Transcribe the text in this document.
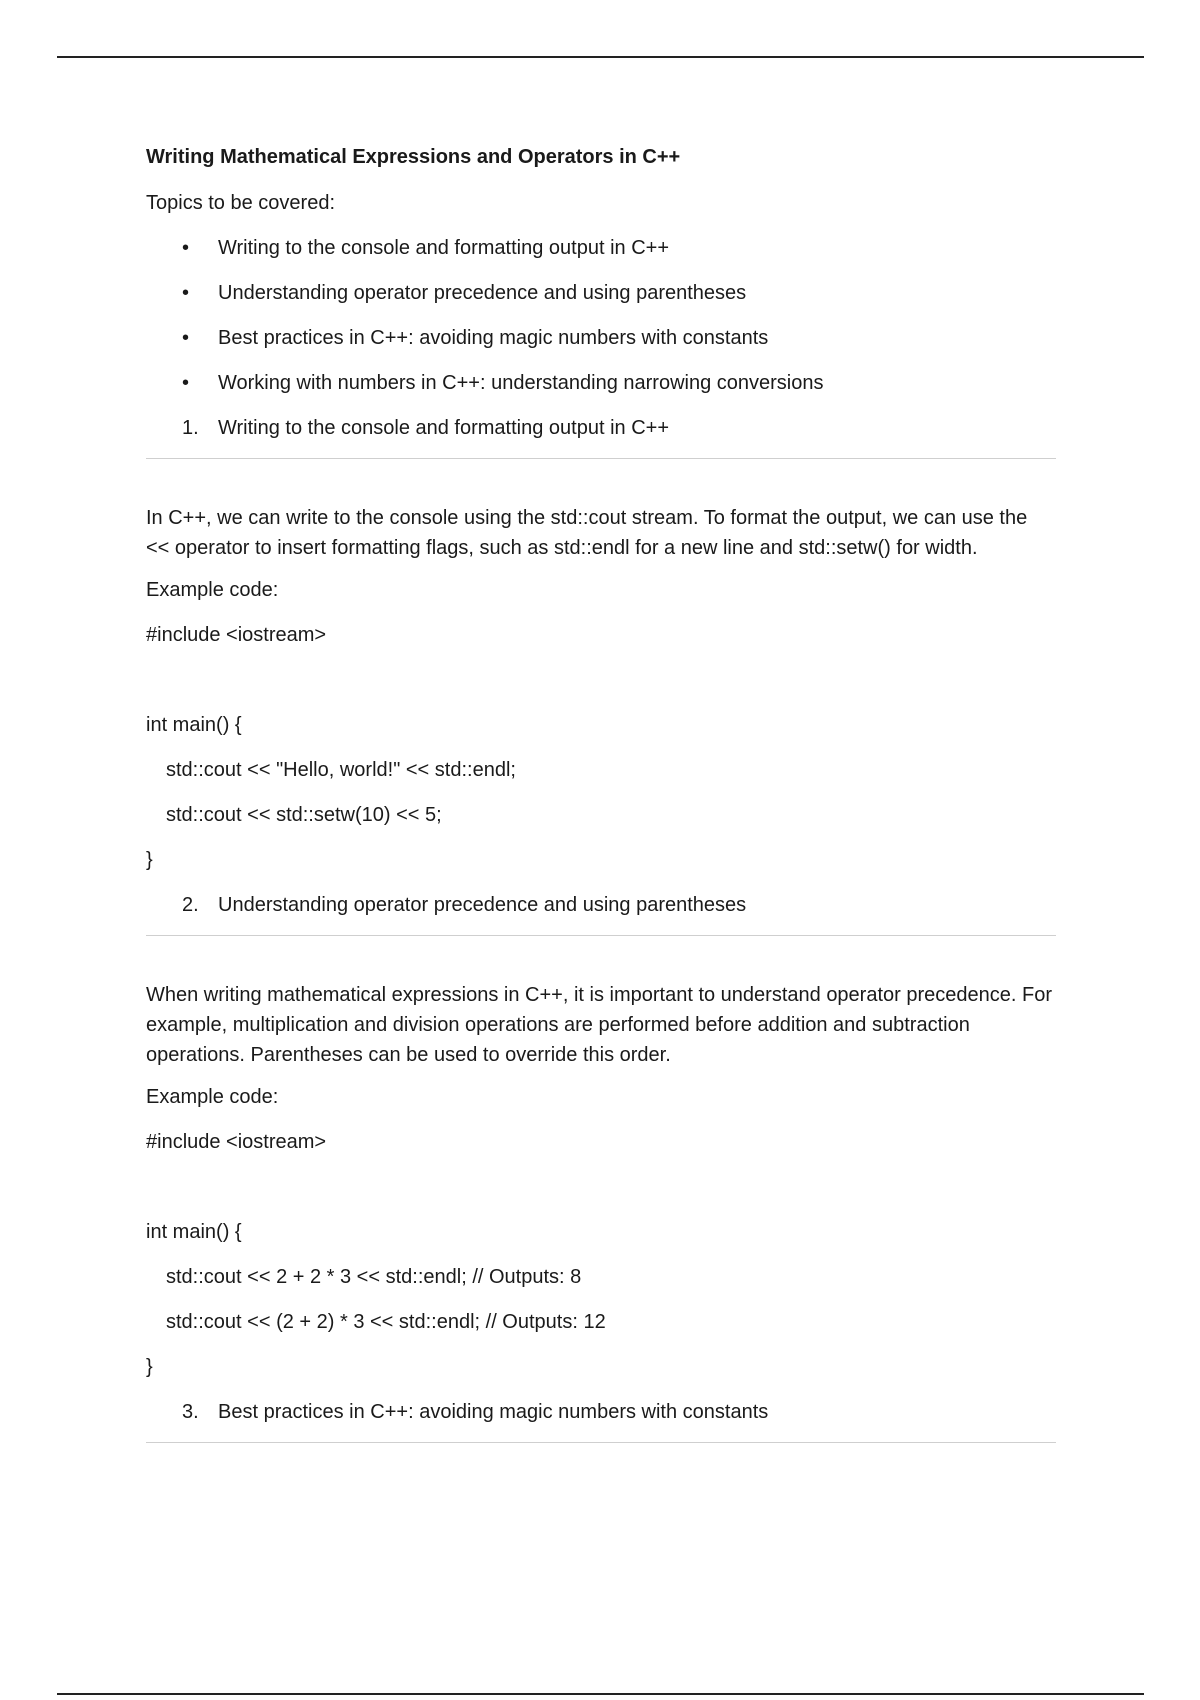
Writing Mathematical Expressions and Operators in C++
Topics to be covered:
• Writing to the console and formatting output in C++
• Understanding operator precedence and using parentheses
• Best practices in C++: avoiding magic numbers with constants
• Working with numbers in C++: understanding narrowing conversions
1. Writing to the console and formatting output in C++
In C++, we can write to the console using the std::cout stream. To format the output, we can use the << operator to insert formatting flags, such as std::endl for a new line and std::setw() for width.
Example code:
#include <iostream>
int main() {
std::cout << "Hello, world!" << std::endl;
std::cout << std::setw(10) << 5;
}
2. Understanding operator precedence and using parentheses
When writing mathematical expressions in C++, it is important to understand operator precedence. For example, multiplication and division operations are performed before addition and subtraction operations. Parentheses can be used to override this order.
Example code:
#include <iostream>
int main() {
std::cout << 2 + 2 * 3 << std::endl; // Outputs: 8
std::cout << (2 + 2) * 3 << std::endl; // Outputs: 12
}
3. Best practices in C++: avoiding magic numbers with constants
